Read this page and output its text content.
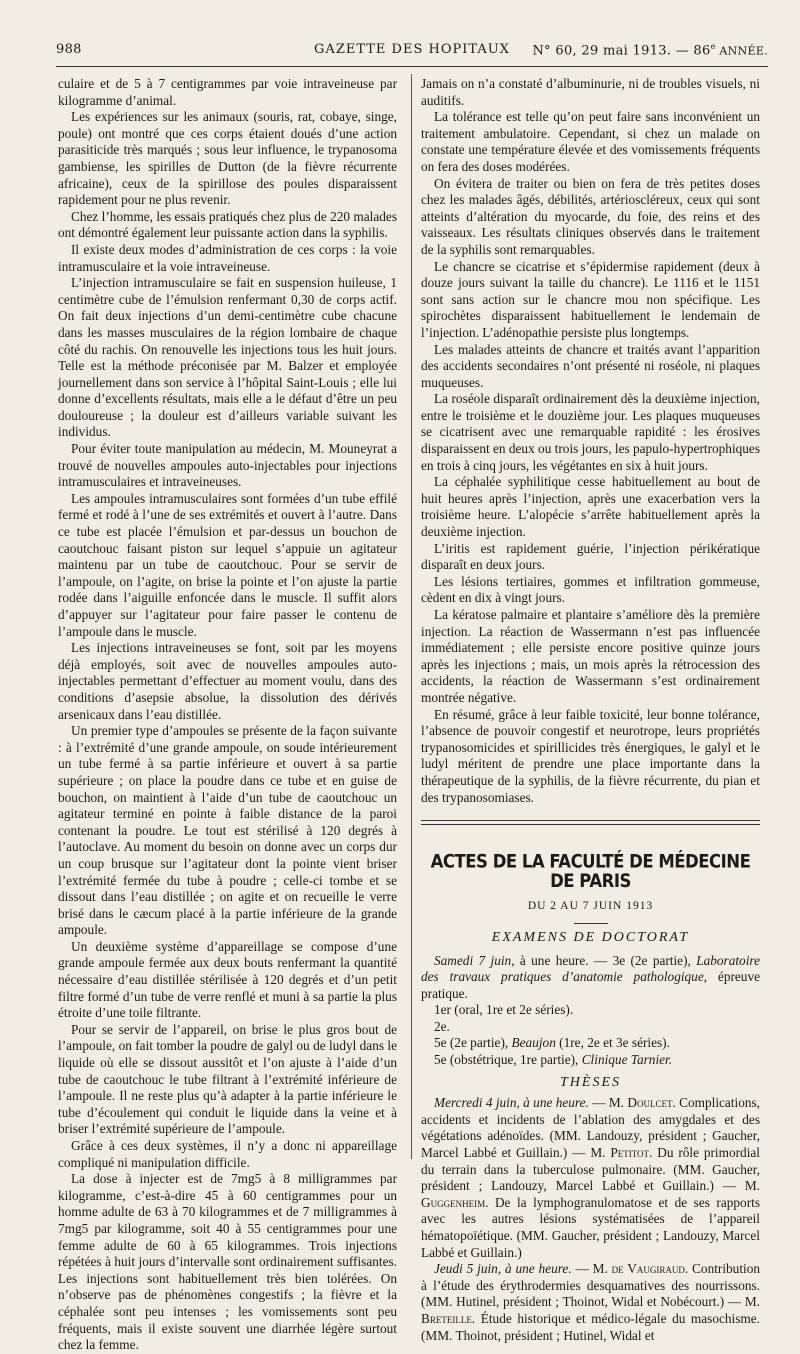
988	GAZETTE DES HOPITAUX	N° 60, 29 mai 1913. — 86e ANNÉE.

culaire et de 5 à 7 centigrammes par voie intraveineuse par kilogramme d’animal.

Les expériences sur les animaux (souris, rat, cobaye, singe, poule) ont montré que ces corps étaient doués d’une action parasiticide très marqués ; sous leur influence, le trypanosoma gambiense, les spirilles de Dutton (de la fièvre récurrente africaine), ceux de la spirillose des poules disparaissent rapidement pour ne plus revenir.

Chez l’homme, les essais pratiqués chez plus de 220 malades ont démontré également leur puissante action dans la syphilis.

Il existe deux modes d’administration de ces corps : la voie intramusculaire et la voie intraveineuse.

L’injection intramusculaire se fait en suspension huileuse, 1 centimètre cube de l’émulsion renfermant 0,30 de corps actif. On fait deux injections d’un demi-centimètre cube chacune dans les masses musculaires de la région lombaire de chaque côté du rachis. On renouvelle les injections tous les huit jours. Telle est la méthode préconisée par M. Balzer et employée journellement dans son service à l’hôpital Saint-Louis ; elle lui donne d’excellents résultats, mais elle a le défaut d’être un peu douloureuse ; la douleur est d’ailleurs variable suivant les individus.

Pour éviter toute manipulation au médecin, M. Mouneyrat a trouvé de nouvelles ampoules auto-injectables pour injections intramusculaires et intraveineuses.

Les ampoules intramusculaires sont formées d’un tube effilé fermé et rodé à l’une de ses extrémités et ouvert à l’autre. Dans ce tube est placée l’émulsion et par-dessus un bouchon de caoutchouc faisant piston sur lequel s’appuie un agitateur maintenu par un tube de caoutchouc. Pour se servir de l’ampoule, on l’agite, on brise la pointe et l’on ajuste la partie rodée dans l’aiguille enfoncée dans le muscle. Il suffit alors d’appuyer sur l’agitateur pour faire passer le contenu de l’ampoule dans le muscle.

Les injections intraveineuses se font, soit par les moyens déjà employés, soit avec de nouvelles ampoules auto-injectables permettant d’effectuer au moment voulu, dans des conditions d’asepsie absolue, la dissolution des dérivés arsenicaux dans l’eau distillée.

Un premier type d’ampoules se présente de la façon suivante : à l’extrémité d’une grande ampoule, on soude intérieurement un tube fermé à sa partie inférieure et ouvert à sa partie supérieure ; on place la poudre dans ce tube et en guise de bouchon, on maintient à l’aide d’un tube de caoutchouc un agitateur terminé en pointe à faible distance de la paroi contenant la poudre. Le tout est stérilisé à 120 degrés à l’autoclave. Au moment du besoin on donne avec un corps dur un coup brusque sur l’agitateur dont la pointe vient briser l’extrémité fermée du tube à poudre ; celle-ci tombe et se dissout dans l’eau distillée ; on agite et on recueille le verre brisé dans le cæcum placé à la partie inférieure de la grande ampoule.

Un deuxième système d’appareillage se compose d’une grande ampoule fermée aux deux bouts renfermant la quantité nécessaire d’eau distillée stérilisée à 120 degrés et d’un petit filtre formé d’un tube de verre renflé et muni à sa partie la plus étroite d’une toile filtrante.

Pour se servir de l’appareil, on brise le plus gros bout de l’ampoule, on fait tomber la poudre de galyl ou de ludyl dans le liquide où elle se dissout aussitôt et l’on ajuste à l’aide d’un tube de caoutchouc le tube filtrant à l’extrémité inférieure de l’ampoule. Il ne reste plus qu’à adapter à la partie inférieure le tube d’écoulement qui conduit le liquide dans la veine et à briser l’extrémité supérieure de l’ampoule.

Grâce à ces deux systèmes, il n’y a donc ni appareillage compliqué ni manipulation difficile.

La dose à injecter est de 7mg5 à 8 milligrammes par kilogramme, c’est-à-dire 45 à 60 centigrammes pour un homme adulte de 63 à 70 kilogrammes et de 7 milligrammes à 7mg5 par kilogramme, soit 40 à 55 centigrammes pour une femme adulte de 60 à 65 kilogrammes. Trois injections répétées à huit jours d’intervalle sont ordinairement suffisantes. Les injections sont habituellement très bien tolérées. On n’observe pas de phénomènes congestifs ; la fièvre et la céphalée sont peu intenses ; les vomissements sont peu fréquents, mais il existe souvent une diarrhée légère surtout chez la femme.

Jamais on n’a constaté d’albuminurie, ni de troubles visuels, ni auditifs.

La tolérance est telle qu’on peut faire sans inconvénient un traitement ambulatoire. Cependant, si chez un malade on constate une température élevée et des vomissements fréquents on fera des doses modérées.

On évitera de traiter ou bien on fera de très petites doses chez les malades âgés, débilités, artérioscléreux, ceux qui sont atteints d’altération du myocarde, du foie, des reins et des vaisseaux. Les résultats cliniques observés dans le traitement de la syphilis sont remarquables.

Le chancre se cicatrise et s’épidermise rapidement (deux à douze jours suivant la taille du chancre). Le 1116 et le 1151 sont sans action sur le chancre mou non spécifique. Les spirochètes disparaissent habituellement le lendemain de l’injection. L’adénopathie persiste plus longtemps.

Les malades atteints de chancre et traités avant l’apparition des accidents secondaires n’ont présenté ni roséole, ni plaques muqueuses.

La roséole disparaît ordinairement dès la deuxième injection, entre le troisième et le douzième jour. Les plaques muqueuses se cicatrisent avec une remarquable rapidité : les érosives disparaissent en deux ou trois jours, les papulo-hypertrophiques en trois à cinq jours, les végétantes en six à huit jours.

La céphalée syphilitique cesse habituellement au bout de huit heures après l’injection, après une exacerbation vers la troisième heure. L’alopécie s’arrête habituellement après la deuxième injection.

L’iritis est rapidement guérie, l’injection périkératique disparaît en deux jours.

Les lésions tertiaires, gommes et infiltration gommeuse, cèdent en dix à vingt jours.

La kératose palmaire et plantaire s’améliore dès la première injection. La réaction de Wassermann n’est pas influencée immédiatement ; elle persiste encore positive quinze jours après les injections ; mais, un mois après la rétrocession des accidents, la réaction de Wassermann s’est ordinairement montrée négative.

En résumé, grâce à leur faible toxicité, leur bonne tolérance, l’absence de pouvoir congestif et neurotrope, leurs propriétés trypanosomicides et spirillicides très énergiques, le galyl et le ludyl méritent de prendre une place importante dans la thérapeutique de la syphilis, de la fièvre récurrente, du pian et des trypanosomiases.

ACTES DE LA FACULTÉ DE MÉDECINE DE PARIS
DU 2 AU 7 JUIN 1913
EXAMENS DE DOCTORAT

Samedi 7 juin, à une heure. — 3e (2e partie), Laboratoire des travaux pratiques d’anatomie pathologique, épreuve pratique.

1er (oral, 1re et 2e séries).

2e.

5e (2e partie), Beaujon (1re, 2e et 3e séries).

5e (obstétrique, 1re partie), Clinique Tarnier.

THÈSES

Mercredi 4 juin, à une heure. — M. Doulcet. Complications, accidents et incidents de l’ablation des amygdales et des végétations adénoïdes. (MM. Landouzy, président ; Gaucher, Marcel Labbé et Guillain.) — M. Petitot. Du rôle primordial du terrain dans la tuberculose pulmonaire. (MM. Gaucher, président ; Landouzy, Marcel Labbé et Guillain.) — M. Guggenheim. De la lymphogranulomatose et de ses rapports avec les autres lésions systématisées de l’appareil hématopoïétique. (MM. Gaucher, président ; Landouzy, Marcel Labbé et Guillain.)

Jeudi 5 juin, à une heure. — M. de Vaugiraud. Contribution à l’étude des érythrodermies desquamatives des nourrissons. (MM. Hutinel, président ; Thoinot, Widal et Nobécourt.) — M. Breteille. Étude historique et médico-légale du masochisme. (MM. Thoinot, président ; Hutinel, Widal et
